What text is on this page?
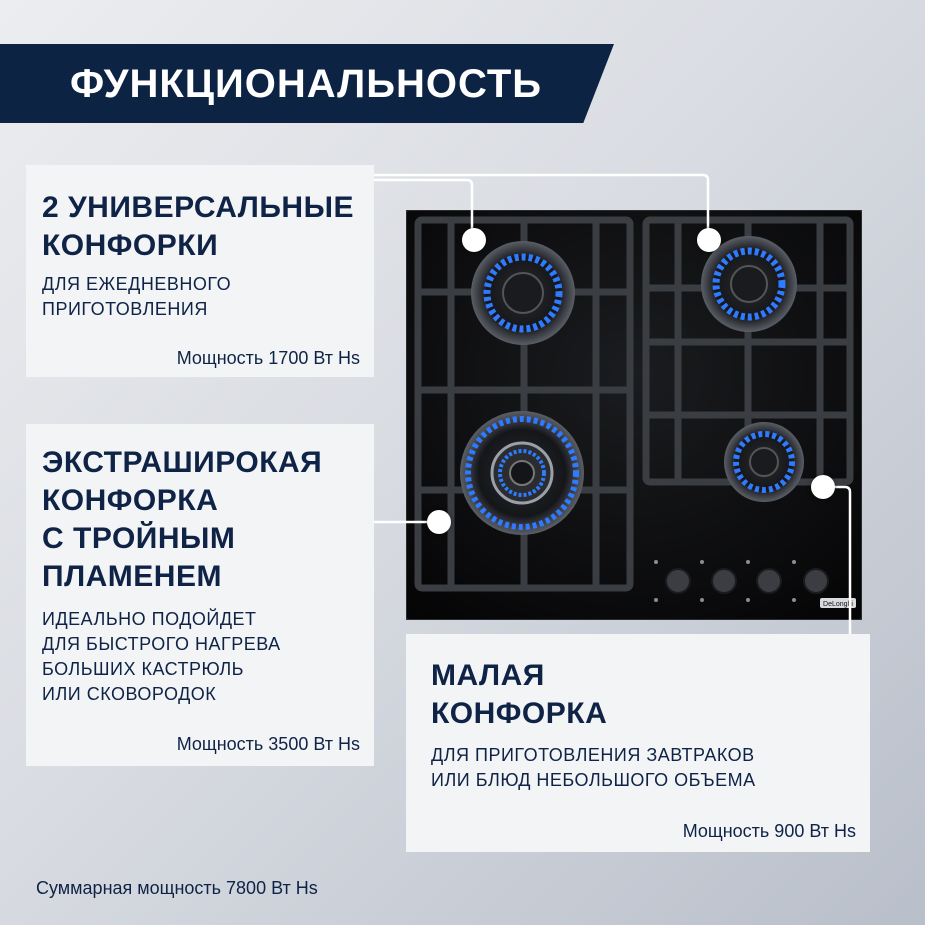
ФУНКЦИОНАЛЬНОСТЬ
2 УНИВЕРСАЛЬНЫЕ
КОНФОРКИ
ДЛЯ ЕЖЕДНЕВНОГО
ПРИГОТОВЛЕНИЯ
Мощность 1700 Вт Hs
ЭКСТРАШИРОКАЯ
КОНФОРКА
С ТРОЙНЫМ
ПЛАМЕНЕМ
ИДЕАЛЬНО ПОДОЙДЕТ
ДЛЯ БЫСТРОГО НАГРЕВА
БОЛЬШИХ КАСТРЮЛЬ
ИЛИ СКОВОРОДОК
Мощность 3500 Вт Hs
МАЛАЯ
КОНФОРКА
ДЛЯ ПРИГОТОВЛЕНИЯ ЗАВТРАКОВ
ИЛИ БЛЮД НЕБОЛЬШОГО ОБЪЕМА
Мощность 900 Вт Hs
DeLonghi
Суммарная мощность 7800 Вт Hs
